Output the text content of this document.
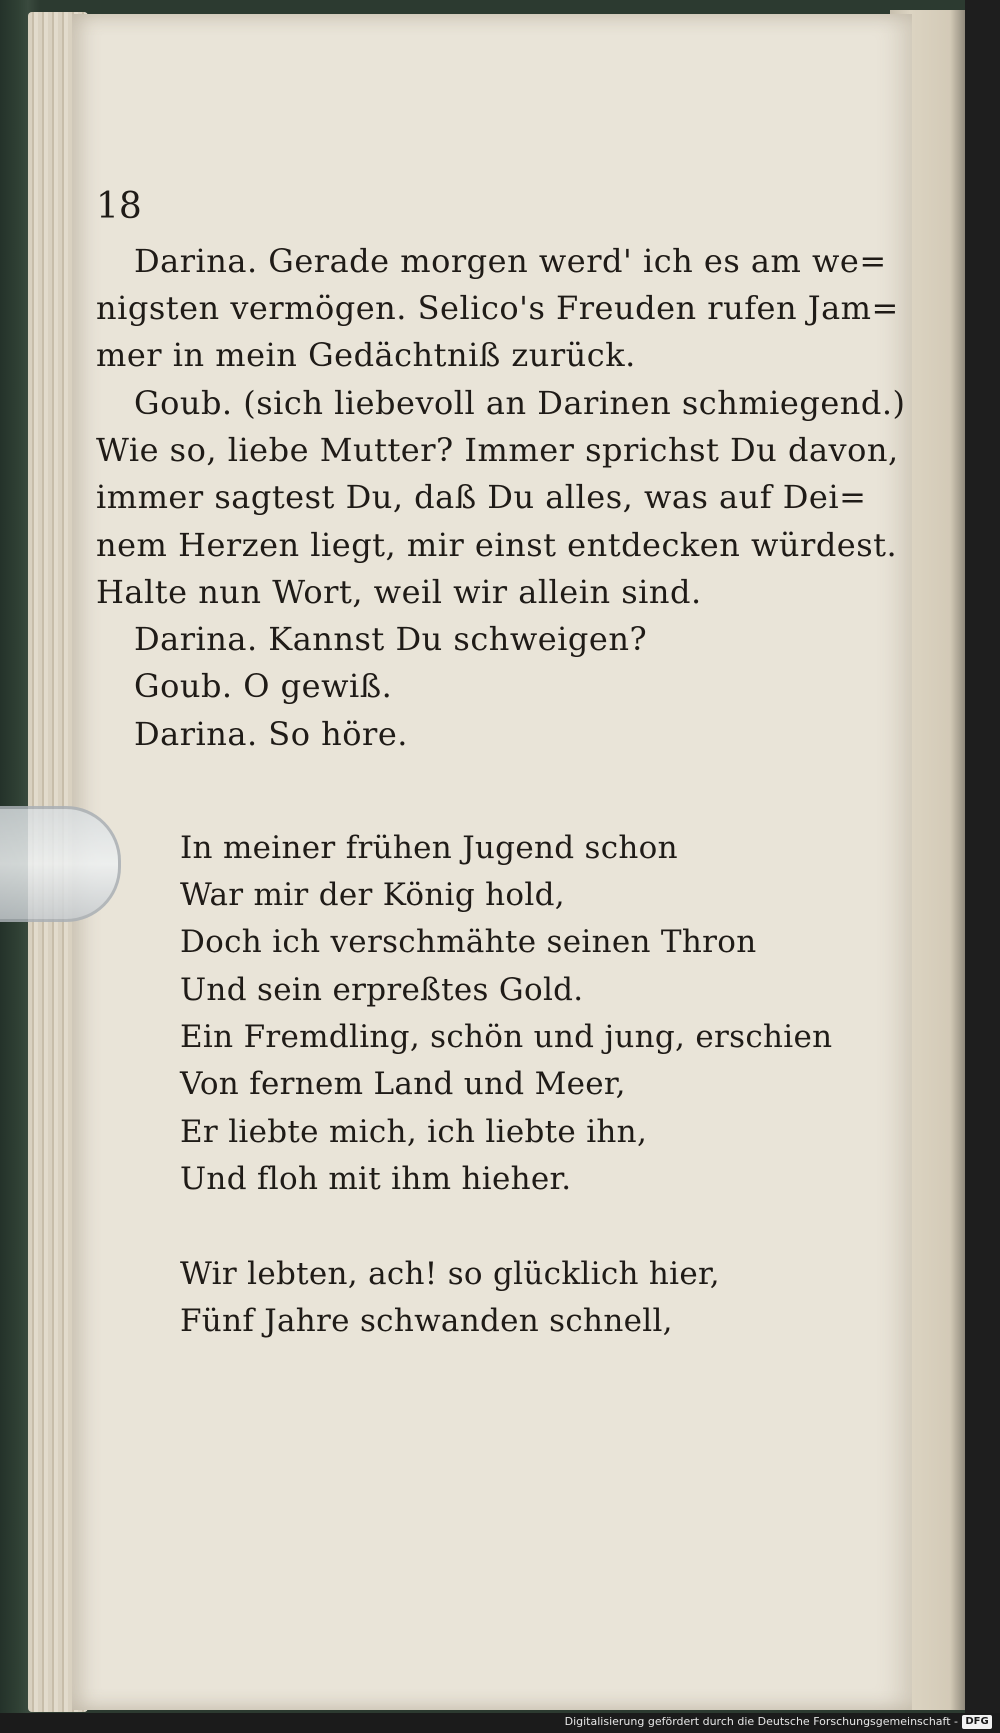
18
Darina. Gerade morgen werd' ich es am we=
nigsten vermögen. Selico's Freuden rufen Jam=
mer in mein Gedächtniß zurück.
Goub. (sich liebevoll an Darinen schmiegend.)
Wie so, liebe Mutter? Immer sprichst Du davon,
immer sagtest Du, daß Du alles, was auf Dei=
nem Herzen liegt, mir einst entdecken würdest.
Halte nun Wort, weil wir allein sind.
Darina. Kannst Du schweigen?
Goub. O gewiß.
Darina. So höre.
In meiner frühen Jugend schon
War mir der König hold,
Doch ich verschmähte seinen Thron
Und sein erpreßtes Gold.
Ein Fremdling, schön und jung, erschien
Von fernem Land und Meer,
Er liebte mich, ich liebte ihn,
Und floh mit ihm hieher.
Wir lebten, ach! so glücklich hier,
Fünf Jahre schwanden schnell,
Digitalisierung gefördert durch die Deutsche Forschungsgemeinschaft - DFG
